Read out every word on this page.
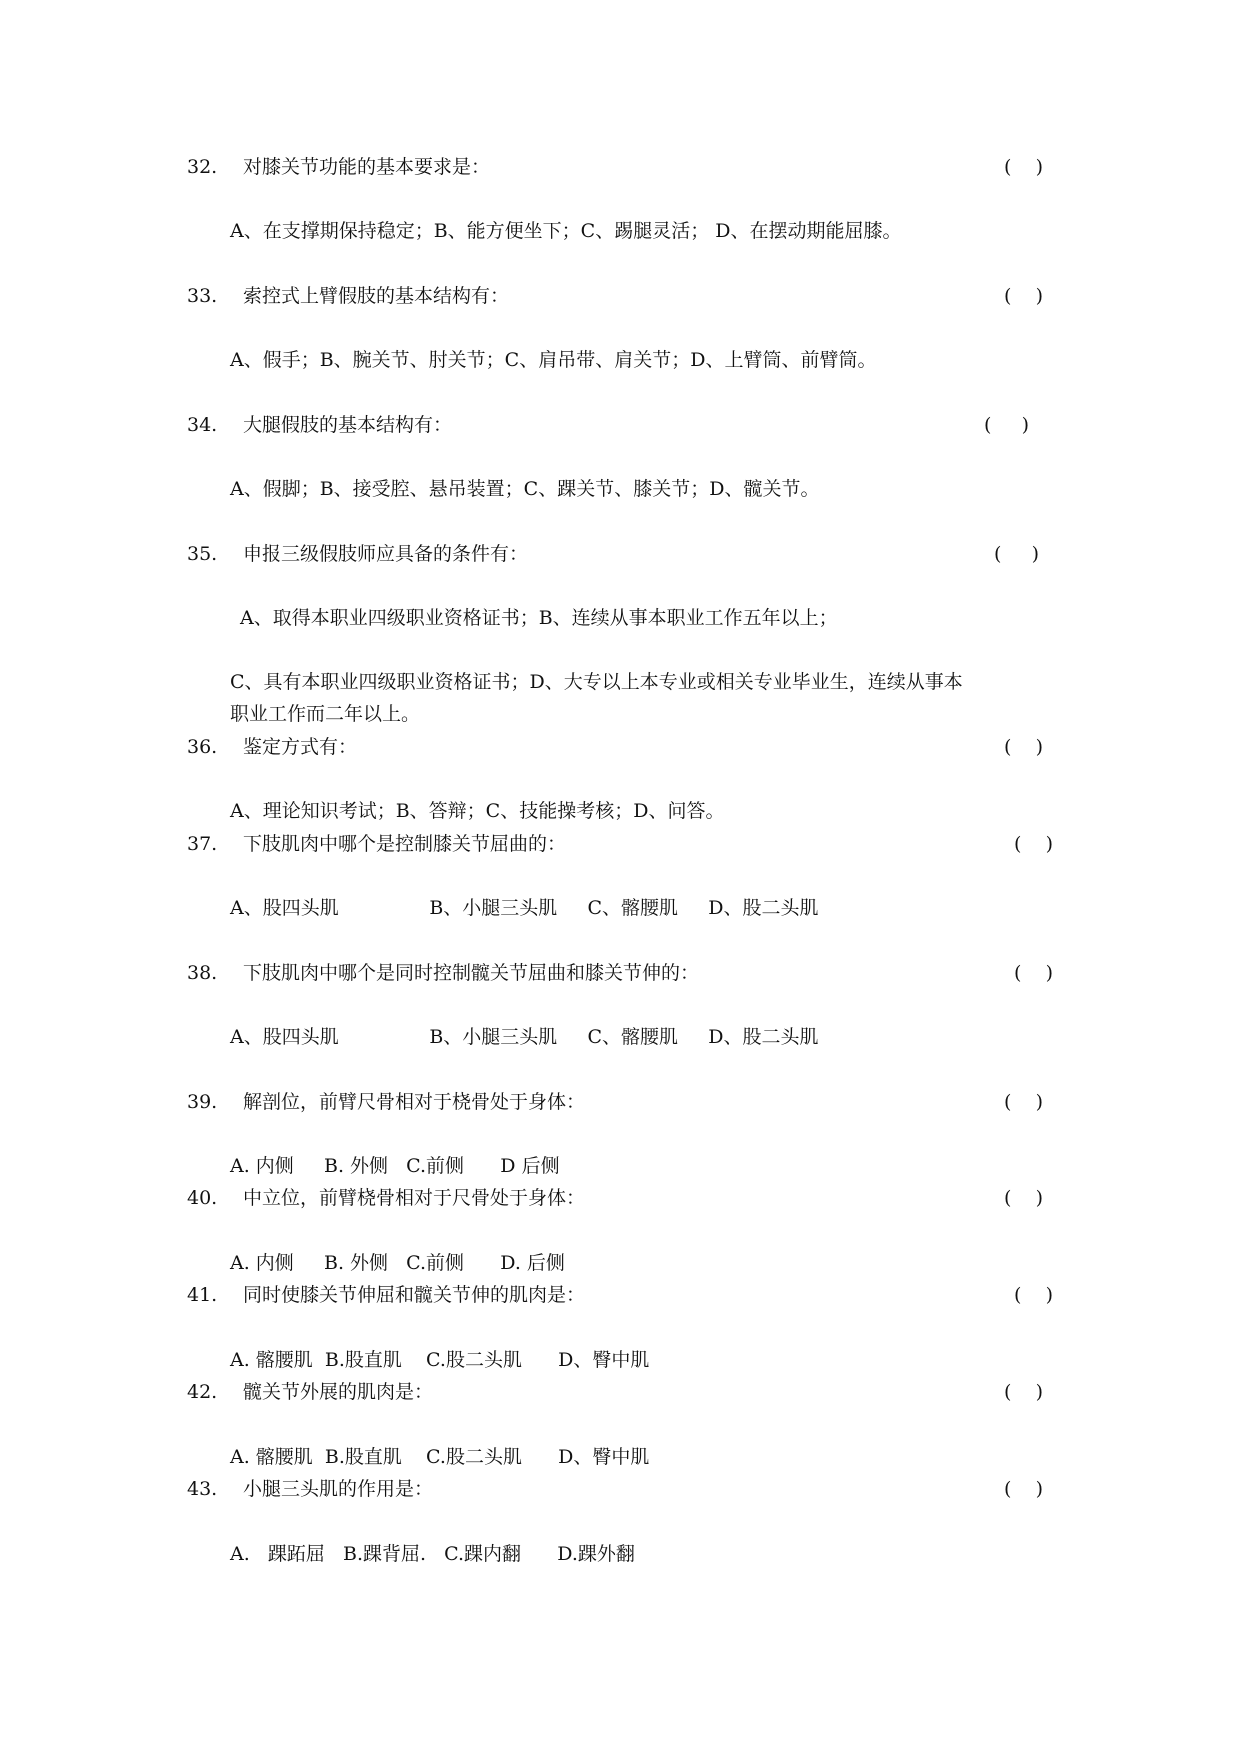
32. 对膝关节功能的基本要求是：	(    )
A、在支撑期保持稳定；B、能方便坐下；C、踢腿灵活； D、在摆动期能屈膝。
33. 索控式上臂假肢的基本结构有：	(    )
A、假手；B、腕关节、肘关节；C、肩吊带、肩关节；D、上臂筒、前臂筒。
34. 大腿假肢的基本结构有：	(     )
A、假脚；B、接受腔、悬吊装置；C、踝关节、膝关节；D、髋关节。
35. 申报三级假肢师应具备的条件有：	(     )
A、取得本职业四级职业资格证书；B、连续从事本职业工作五年以上；
C、具有本职业四级职业资格证书；D、大专以上本专业或相关专业毕业生，连续从事本
职业工作而二年以上。
36. 鉴定方式有：	(    )
A、理论知识考试；B、答辩；C、技能操考核；D、问答。
37. 下肢肌肉中哪个是控制膝关节屈曲的：	(    )
A、股四头肌               B、小腿三头肌     C、髂腰肌     D、股二头肌
38. 下肢肌肉中哪个是同时控制髋关节屈曲和膝关节伸的：	(    )
A、股四头肌               B、小腿三头肌     C、髂腰肌     D、股二头肌
39. 解剖位，前臂尺骨相对于桡骨处于身体：	(    )
A. 内侧     B. 外侧   C.前侧      D 后侧
40. 中立位，前臂桡骨相对于尺骨处于身体：	(    )
A. 内侧     B. 外侧   C.前侧      D. 后侧
41. 同时使膝关节伸屈和髋关节伸的肌肉是：	(    )
A. 髂腰肌  B.股直肌    C.股二头肌      D、臀中肌
42. 髋关节外展的肌肉是：	(    )
A. 髂腰肌  B.股直肌    C.股二头肌      D、臀中肌
43. 小腿三头肌的作用是：	(    )
A.   踝跖屈   B.踝背屈.   C.踝内翻      D.踝外翻
